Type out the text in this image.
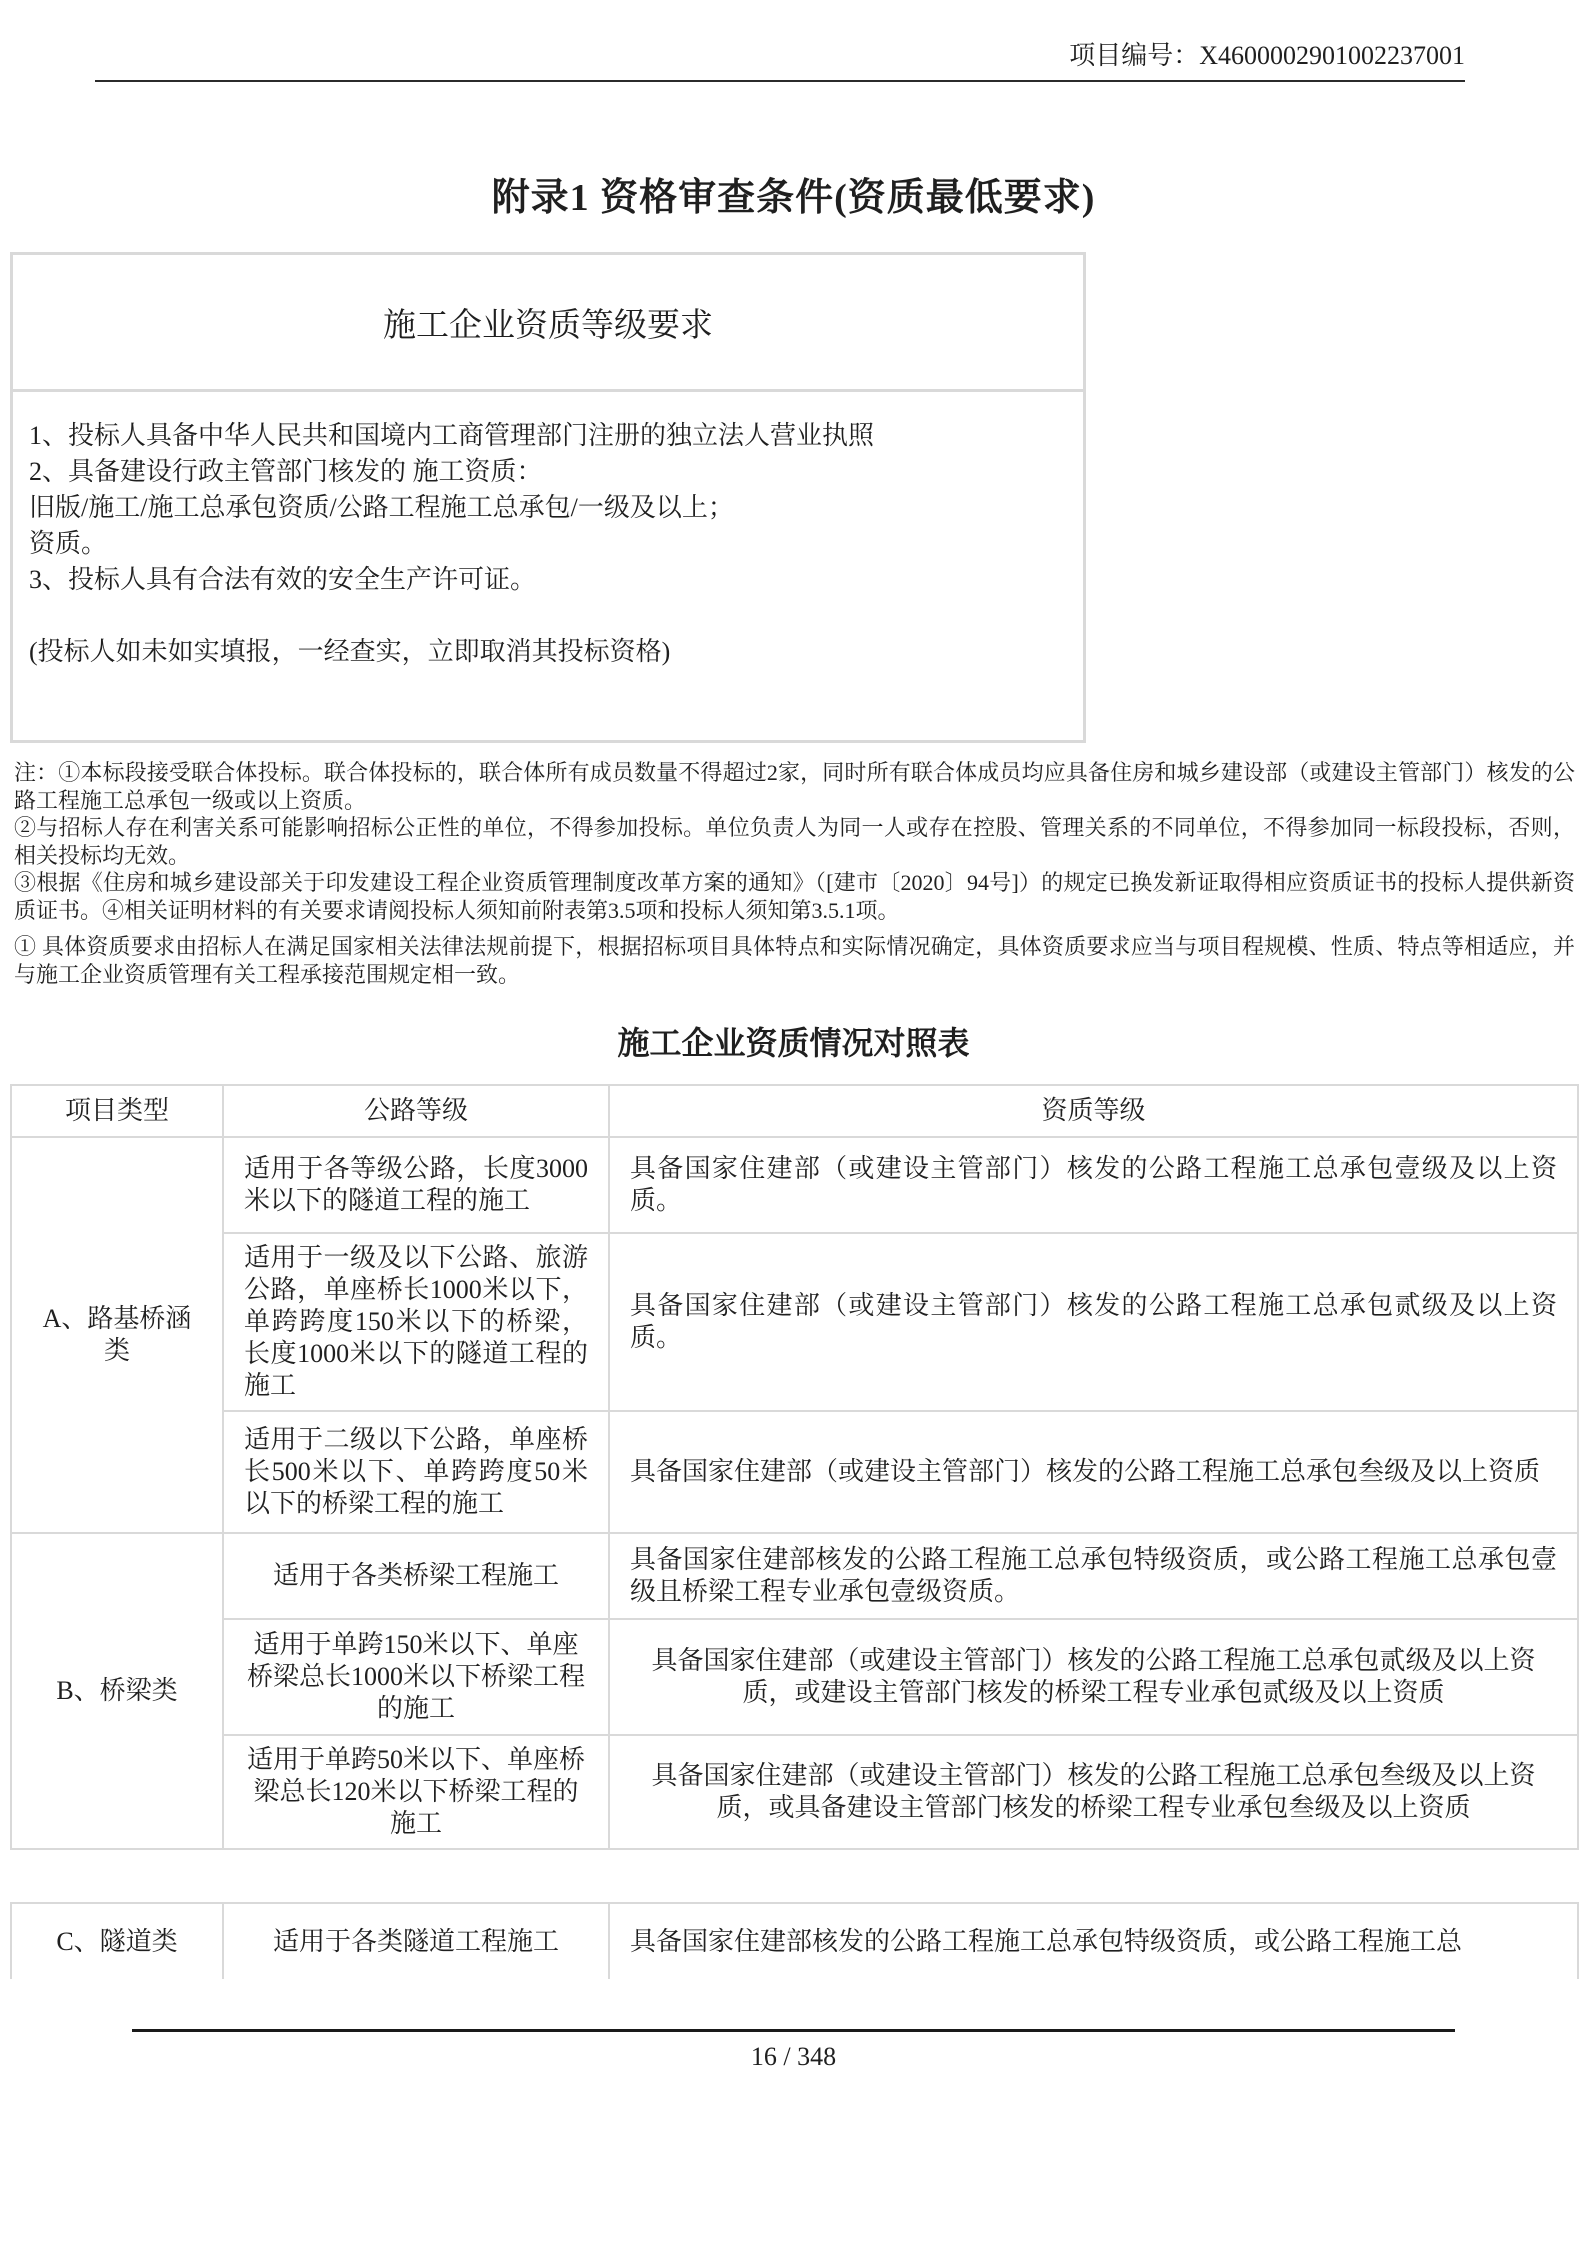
项目编号：X4600002901002237001
附录1 资格审查条件(资质最低要求)
施工企业资质等级要求
1、投标人具备中华人民共和国境内工商管理部门注册的独立法人营业执照
2、具备建设行政主管部门核发的 施工资质：
旧版/施工/施工总承包资质/公路工程施工总承包/一级及以上；
资质。
3、投标人具有合法有效的安全生产许可证。
(投标人如未如实填报，一经查实，立即取消其投标资格)
注：①本标段接受联合体投标。联合体投标的，联合体所有成员数量不得超过2家，同时所有联合体成员均应具备住房和城乡建设部（或建设主管部门）核发的公路工程施工总承包一级或以上资质。
②与招标人存在利害关系可能影响招标公正性的单位，不得参加投标。单位负责人为同一人或存在控股、管理关系的不同单位，不得参加同一标段投标，否则，相关投标均无效。
③根据《住房和城乡建设部关于印发建设工程企业资质管理制度改革方案的通知》（[建市〔2020〕94号]）的规定已换发新证取得相应资质证书的投标人提供新资质证书。④相关证明材料的有关要求请阅投标人须知前附表第3.5项和投标人须知第3.5.1项。
① 具体资质要求由招标人在满足国家相关法律法规前提下，根据招标项目具体特点和实际情况确定，具体资质要求应当与项目程规模、性质、特点等相适应，并与施工企业资质管理有关工程承接范围规定相一致。
施工企业资质情况对照表
项目类型	公路等级	资质等级
A、路基桥涵类	适用于各等级公路，长度3000米以下的隧道工程的施工	具备国家住建部（或建设主管部门）核发的公路工程施工总承包壹级及以上资质。
	适用于一级及以下公路、旅游公路，单座桥长1000米以下，单跨跨度150米以下的桥梁，长度1000米以下的隧道工程的施工	具备国家住建部（或建设主管部门）核发的公路工程施工总承包贰级及以上资质。
	适用于二级以下公路，单座桥长500米以下、单跨跨度50米以下的桥梁工程的施工	具备国家住建部（或建设主管部门）核发的公路工程施工总承包叁级及以上资质
B、桥梁类	适用于各类桥梁工程施工	具备国家住建部核发的公路工程施工总承包特级资质，或公路工程施工总承包壹级且桥梁工程专业承包壹级资质。
	适用于单跨150米以下、单座桥梁总长1000米以下桥梁工程的施工	具备国家住建部（或建设主管部门）核发的公路工程施工总承包贰级及以上资质，或建设主管部门核发的桥梁工程专业承包贰级及以上资质
	适用于单跨50米以下、单座桥梁总长120米以下桥梁工程的施工	具备国家住建部（或建设主管部门）核发的公路工程施工总承包叁级及以上资质，或具备建设主管部门核发的桥梁工程专业承包叁级及以上资质
C、隧道类	适用于各类隧道工程施工	具备国家住建部核发的公路工程施工总承包特级资质，或公路工程施工总
16 / 348
